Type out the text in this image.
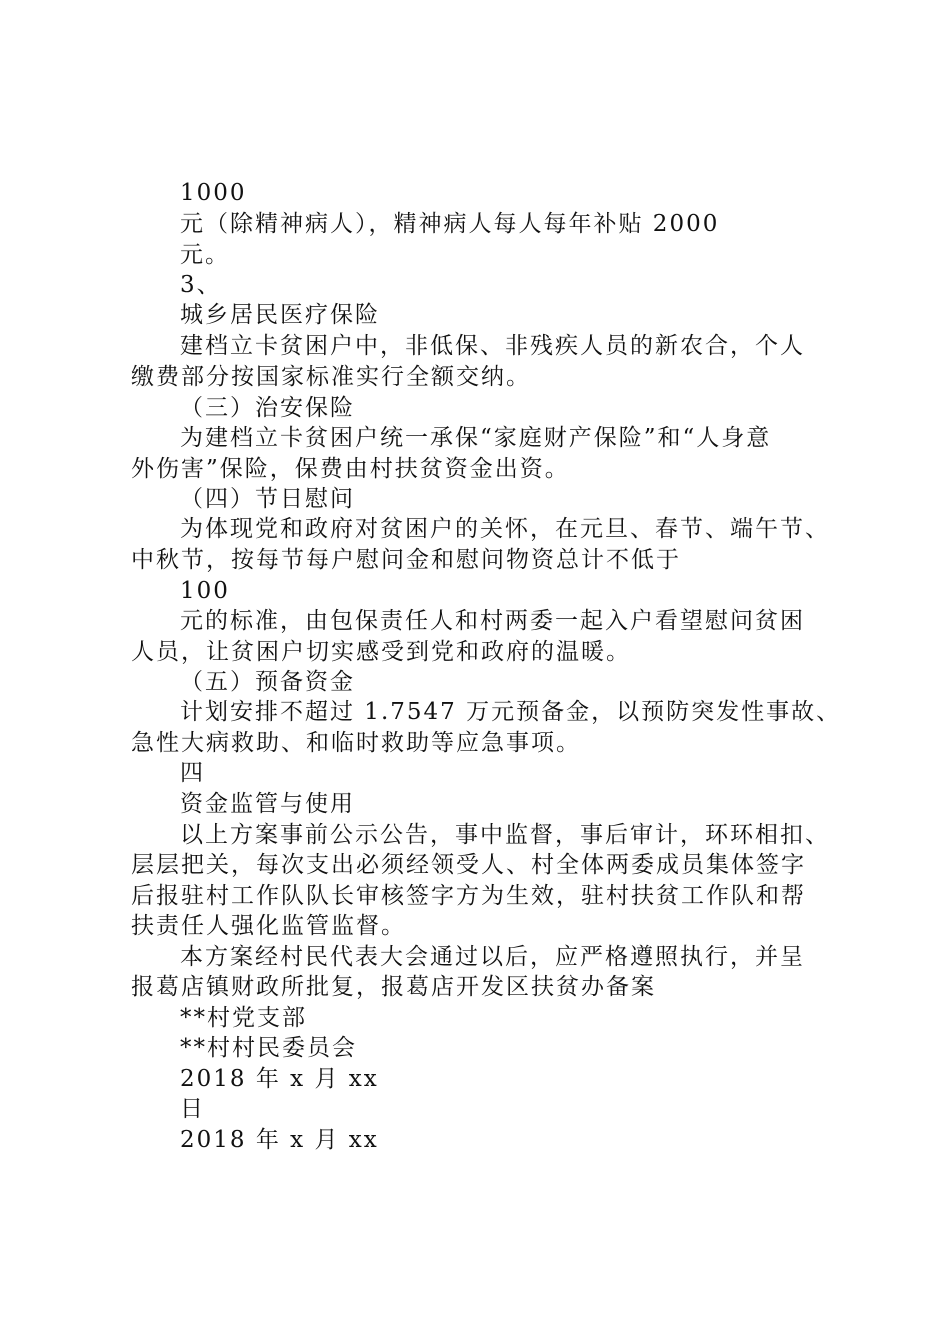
1000
元（除精神病人），精神病人每人每年补贴 2000
元。
3、
城乡居民医疗保险
建档立卡贫困户中，非低保、非残疾人员的新农合，个人
缴费部分按国家标准实行全额交纳。
（三）治安保险
为建档立卡贫困户统一承保“家庭财产保险”和“人身意
外伤害”保险，保费由村扶贫资金出资。
（四）节日慰问
为体现党和政府对贫困户的关怀，在元旦、春节、端午节、
中秋节，按每节每户慰问金和慰问物资总计不低于
100
元的标准，由包保责任人和村两委一起入户看望慰问贫困
人员，让贫困户切实感受到党和政府的温暖。
（五）预备资金
计划安排不超过 1.7547 万元预备金，以预防突发性事故、
急性大病救助、和临时救助等应急事项。
四
资金监管与使用
以上方案事前公示公告，事中监督，事后审计，环环相扣、
层层把关，每次支出必须经领受人、村全体两委成员集体签字
后报驻村工作队队长审核签字方为生效，驻村扶贫工作队和帮
扶责任人强化监管监督。
本方案经村民代表大会通过以后，应严格遵照执行，并呈
报葛店镇财政所批复，报葛店开发区扶贫办备案
**村党支部
**村村民委员会
2018 年 x 月 xx
日
2018 年 x 月 xx
